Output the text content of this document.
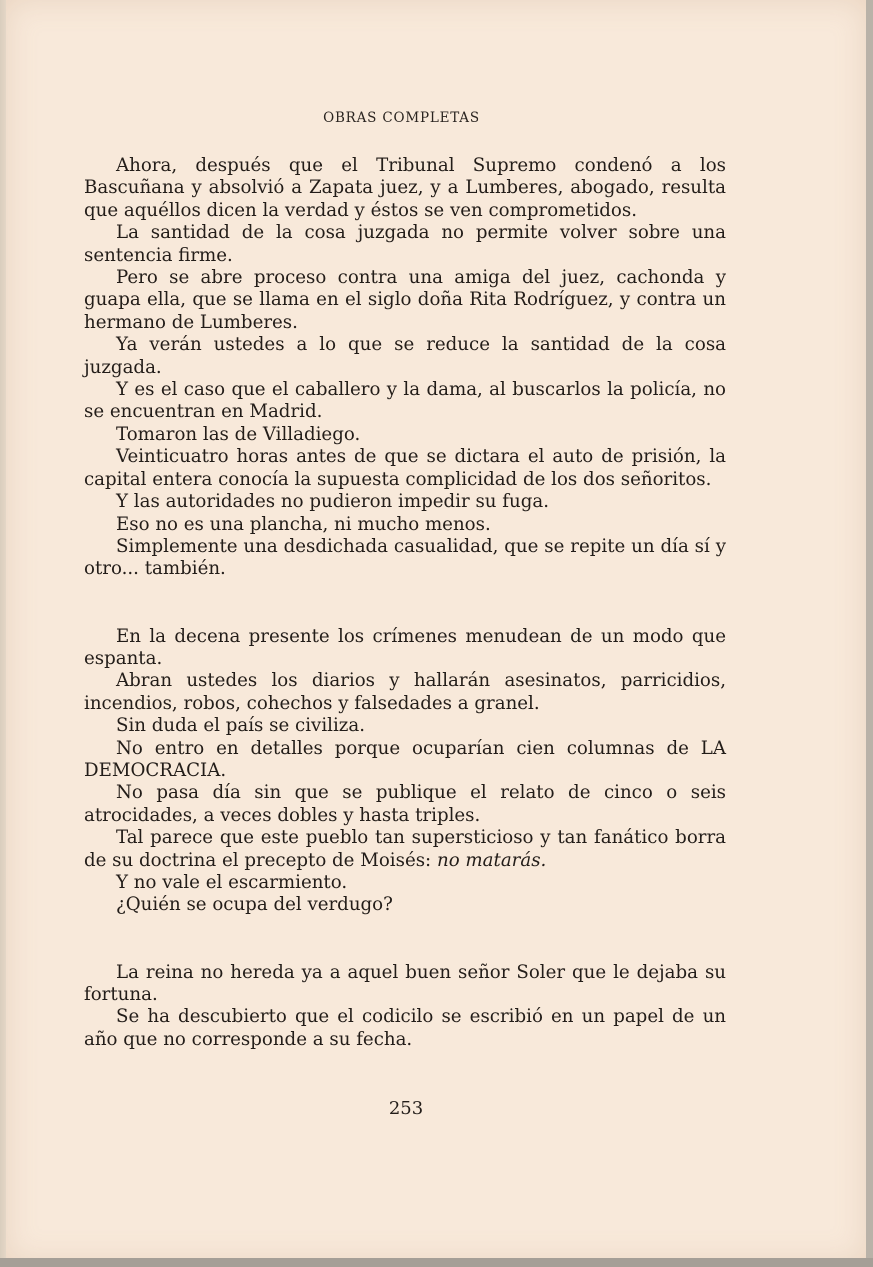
OBRAS COMPLETAS

Ahora, después que el Tribunal Supremo condenó a los Bascuñana y absolvió a Zapata juez, y a Lumberes, abogado, resulta que aquéllos dicen la verdad y éstos se ven comprometidos.

La santidad de la cosa juzgada no permite volver sobre una sentencia firme.

Pero se abre proceso contra una amiga del juez, cachonda y guapa ella, que se llama en el siglo doña Rita Rodríguez, y contra un hermano de Lumberes.

Ya verán ustedes a lo que se reduce la santidad de la cosa juzgada.

Y es el caso que el caballero y la dama, al buscarlos la policía, no se encuentran en Madrid.

Tomaron las de Villadiego.

Veinticuatro horas antes de que se dictara el auto de prisión, la capital entera conocía la supuesta complicidad de los dos señoritos.

Y las autoridades no pudieron impedir su fuga.

Eso no es una plancha, ni mucho menos.

Simplemente una desdichada casualidad, que se repite un día sí y otro... también.

En la decena presente los crímenes menudean de un modo que espanta.

Abran ustedes los diarios y hallarán asesinatos, parricidios, incendios, robos, cohechos y falsedades a granel.

Sin duda el país se civiliza.

No entro en detalles porque ocuparían cien columnas de LA DEMOCRACIA.

No pasa día sin que se publique el relato de cinco o seis atrocidades, a veces dobles y hasta triples.

Tal parece que este pueblo tan supersticioso y tan fanático borra de su doctrina el precepto de Moisés: no matarás.

Y no vale el escarmiento.

¿Quién se ocupa del verdugo?

La reina no hereda ya a aquel buen señor Soler que le dejaba su fortuna.

Se ha descubierto que el codicilo se escribió en un papel de un año que no corresponde a su fecha.

253
